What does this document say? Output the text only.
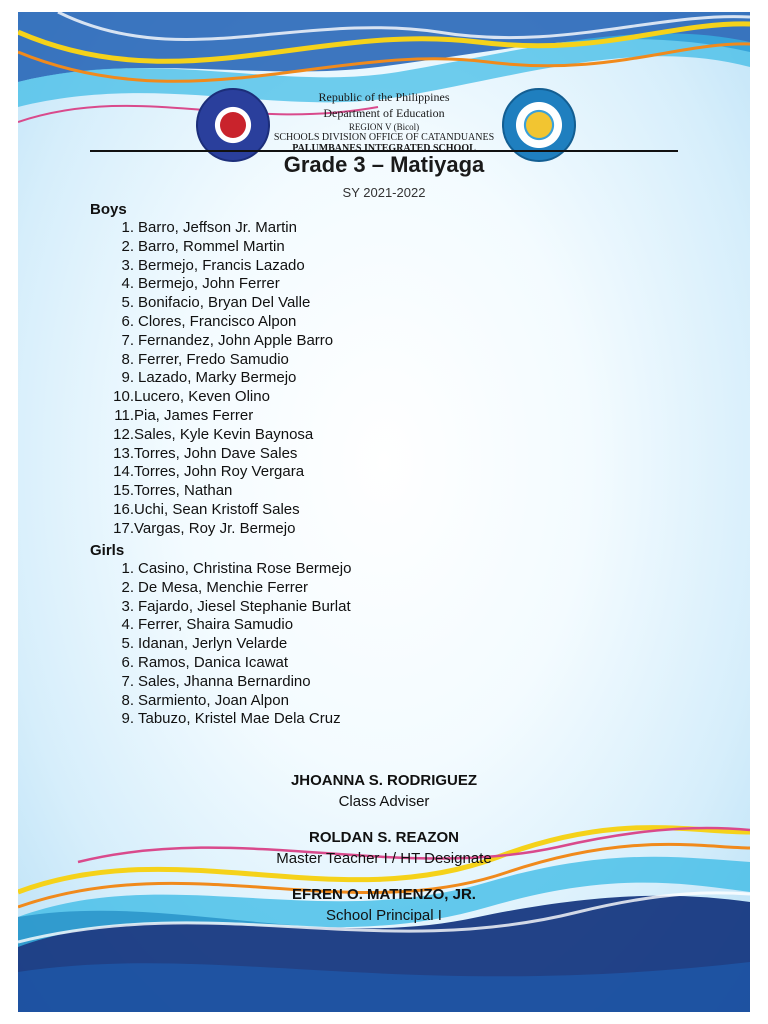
Republic of the Philippines
Department of Education
REGION V (Bicol)
SCHOOLS DIVISION OFFICE OF CATANDUANES
PALUMBANES INTEGRATED SCHOOL
Grade 3 – Matiyaga
SY 2021-2022
Boys
1. Barro, Jeffson Jr. Martin
2. Barro, Rommel Martin
3. Bermejo, Francis Lazado
4. Bermejo, John Ferrer
5. Bonifacio, Bryan Del Valle
6. Clores, Francisco Alpon
7. Fernandez, John Apple Barro
8. Ferrer, Fredo Samudio
9. Lazado, Marky Bermejo
10.Lucero, Keven Olino
11.Pia, James Ferrer
12.Sales, Kyle Kevin Baynosa
13.Torres, John Dave Sales
14.Torres, John Roy Vergara
15.Torres, Nathan
16.Uchi, Sean Kristoff Sales
17.Vargas, Roy Jr. Bermejo
Girls
1. Casino, Christina Rose Bermejo
2. De Mesa, Menchie Ferrer
3. Fajardo, Jiesel Stephanie Burlat
4. Ferrer, Shaira Samudio
5. Idanan, Jerlyn Velarde
6. Ramos, Danica Icawat
7. Sales, Jhanna Bernardino
8. Sarmiento, Joan Alpon
9. Tabuzo, Kristel Mae Dela Cruz
JHOANNA S. RODRIGUEZ
Class Adviser
ROLDAN S. REAZON
Master Teacher I / HT Designate
EFREN O. MATIENZO, JR.
School Principal I
